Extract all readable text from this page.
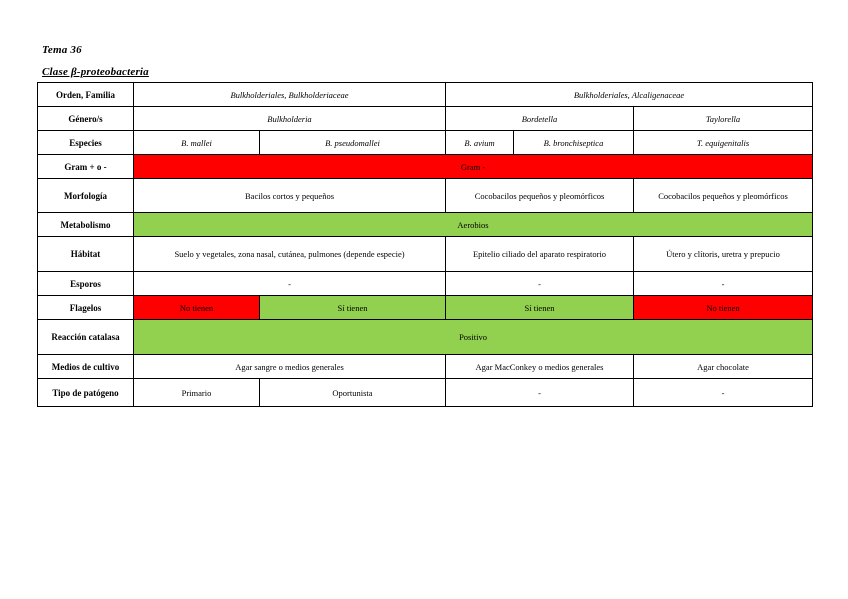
Tema 36
Clase β-proteobacteria
Orden, Familia	Bulkholderiales, Bulkholderiaceae		Bulkholderiales, Alcaligenaceae		
Género/s	Bulkholderia		Bordetella		Taylorella
Especies	B. mallei	B. pseudomallei	B. avium	B. bronchiseptica	T. equigenitalis
Gram + o -	Gram -				
Morfología	Bacilos cortos y pequeños		Cocobacilos pequeños y pleomórficos		Cocobacilos pequeños y pleomórficos
Metabolismo	Aerobios				
Hábitat	Suelo y vegetales, zona nasal, cutánea, pulmones (depende especie)		Epitelio ciliado del aparato respiratorio		Útero y clítoris, uretra y prepucio
Esporos	-		-		-
Flagelos	No tienen	Sí tienen	Sí tienen		No tienen
Reacción catalasa	Positivo				
Medios de cultivo	Agar sangre o medios generales		Agar MacConkey o medios generales		Agar chocolate
Tipo de patógeno	Primario	Oportunista	-		-
